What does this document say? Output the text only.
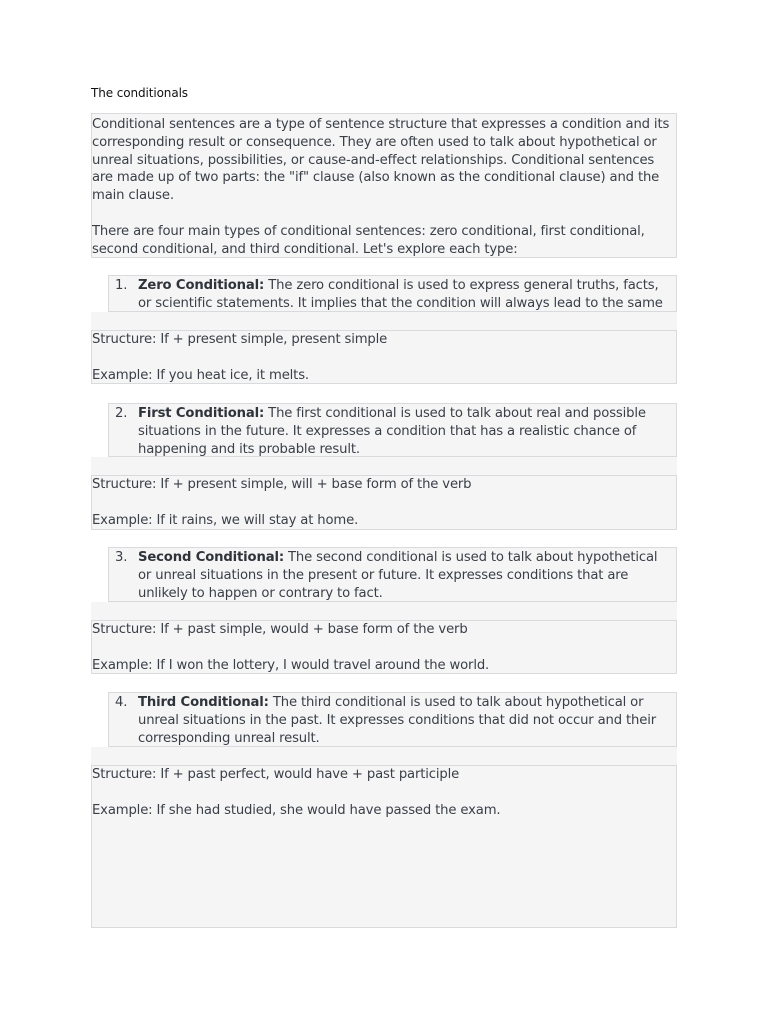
The conditionals

Conditional sentences are a type of sentence structure that expresses a condition and its corresponding result or consequence. They are often used to talk about hypothetical or unreal situations, possibilities, or cause-and-effect relationships. Conditional sentences are made up of two parts: the "if" clause (also known as the conditional clause) and the main clause.

There are four main types of conditional sentences: zero conditional, first conditional, second conditional, and third conditional. Let's explore each type:

1. Zero Conditional: The zero conditional is used to express general truths, facts, or scientific statements. It implies that the condition will always lead to the same

Structure: If + present simple, present simple

Example: If you heat ice, it melts.

2. First Conditional: The first conditional is used to talk about real and possible situations in the future. It expresses a condition that has a realistic chance of happening and its probable result.

Structure: If + present simple, will + base form of the verb

Example: If it rains, we will stay at home.

3. Second Conditional: The second conditional is used to talk about hypothetical or unreal situations in the present or future. It expresses conditions that are unlikely to happen or contrary to fact.

Structure: If + past simple, would + base form of the verb

Example: If I won the lottery, I would travel around the world.

4. Third Conditional: The third conditional is used to talk about hypothetical or unreal situations in the past. It expresses conditions that did not occur and their corresponding unreal result.

Structure: If + past perfect, would have + past participle

Example: If she had studied, she would have passed the exam.
